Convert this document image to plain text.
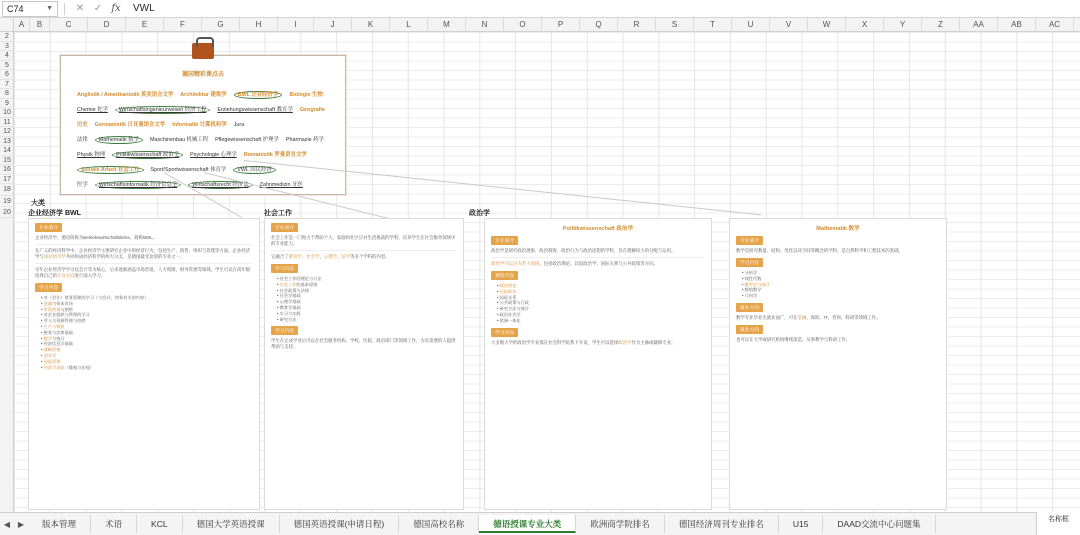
C74	▼	✕ ✓ fx	VWL
A	B	C	D	E	F	G	H	I	J	K	L	M	N	O	P	Q	R	S	T	U	V	W	X	Y	Z	AA	AB	AC
2
3
4
5
6
7
8
9
10
11
12
13
14
15
16
17
18
19
20
德国精彩课点击
Anglistik / Amerikanistik 英美语言文学 Architektur 建筑学 BWL 企业经济学 Biologie 生物
Chemie 化学 Wirtschaftsingenieurwesen 经济工程 Erziehungswissenschaft 教育学 Geografie
历史 Germanistik 日耳曼语言文学 Informatik 计算机科学 Jura
法律 Mathematik 数学 Maschinenbau 机械工程 Pflegewissenschaft 护理学 Pharmazie 药学
Physik 物理 Politikwissenschaft 政治学 Psychologie 心理学 Romanistik 罗曼语言文学
Soziale Arbeit 社会工作 Sport/Sportwissenschaft 体育学 VWL 国民经济
医学 Wirtschaftsinformatik 经济信息学	Wirtschaftsrecht 经济法 Zahnmedizin 牙医
大类
企业经济学 BWL	社会工作	政治学
专业简介
企业经济学，德语简称为Betriebswirtschaftslehre，简称BWL。
在广义的经济科学中，企业经济学主要研究企业中的经济行为，包括生产、销售、组织与管理等方面。企业经济学与国民经济学共同构成经济科学的两大分支，是德国最受欢迎的专业之一。
早年企业经济学学习以会计等为核心，后来逐渐涵盖市场营销、人力资源、财务管理等领域。学生可以在高年级选择自己的专业方向进行深入学习。
学习内容
• 对（会计）财务管理的学习（与会计、财务有关的内容）
• 金融与资本市场
• 市场营销与销售
• 对企业组织与管理的学习
• 对人力资源管理与招聘
• 生产与物流
• 税务与法律基础
• 数学与统计
• 经济信息学基础
• 战略管理
• 创业学
• 国际管理
• 经济学基础（微观与宏观）
专业简介
社会工作是一门致力于帮助个人、家庭和社区应对生活挑战的学科，培养学生在社会服务领域中的专业能力。
它融合了教育学、社会学、心理学、法学等多个学科的内容。
学习内容
• 社会工作的理论与方法
• 社会工作的基本原则
• 社会政策与法律
• 社会学基础
• 心理学基础
• 教育学基础
• 实习与实践
• 研究方法
学习内容
学生在完成学业后可以在社会服务机构、学校、医院、政府部门等领域工作，为有需要的人提供帮助与支持。
Politikwissenschaft 政治学
专业简介
政治学是研究政治现象、政治制度、政治行为与政治思想的学科，旨在理解权力的分配与运用。
政治学可以分为若干领域，包括政治理论、比较政治学、国际关系与公共政策等方向。
课程内容
• 政治理论
• 比较政治
• 国际关系
• 公共政策与行政
• 研究方法与统计
• 政治社会学
• 欧洲一体化
学习内容
大多数大学的政治学专业都在社会科学院系下开设，学生可以选择政治学作为主修或辅修专业。
Mathematik 数学
专业简介
数学是研究数量、结构、变化以及空间等概念的学科，是自然科学和工程技术的基础。
学习内容
• 分析学
• 线性代数
• 概率论与统计
• 数值数学
• 几何学
就业方向
数学专业毕业生就业面广，可在金融、保险、IT、咨询、科研等领域工作。
就业方向
也可以在大学或研究机构继续深造，从事教学与科研工作。
◀ ▶	版本管理	术语	KCL	德国大学英语授课	德国英语授课(申请日程)	德国高校名称	德语授课专业大类	欧洲商学院排名	德国经济周刊专业排名	U15	DAAD交流中心问题集	名称框
